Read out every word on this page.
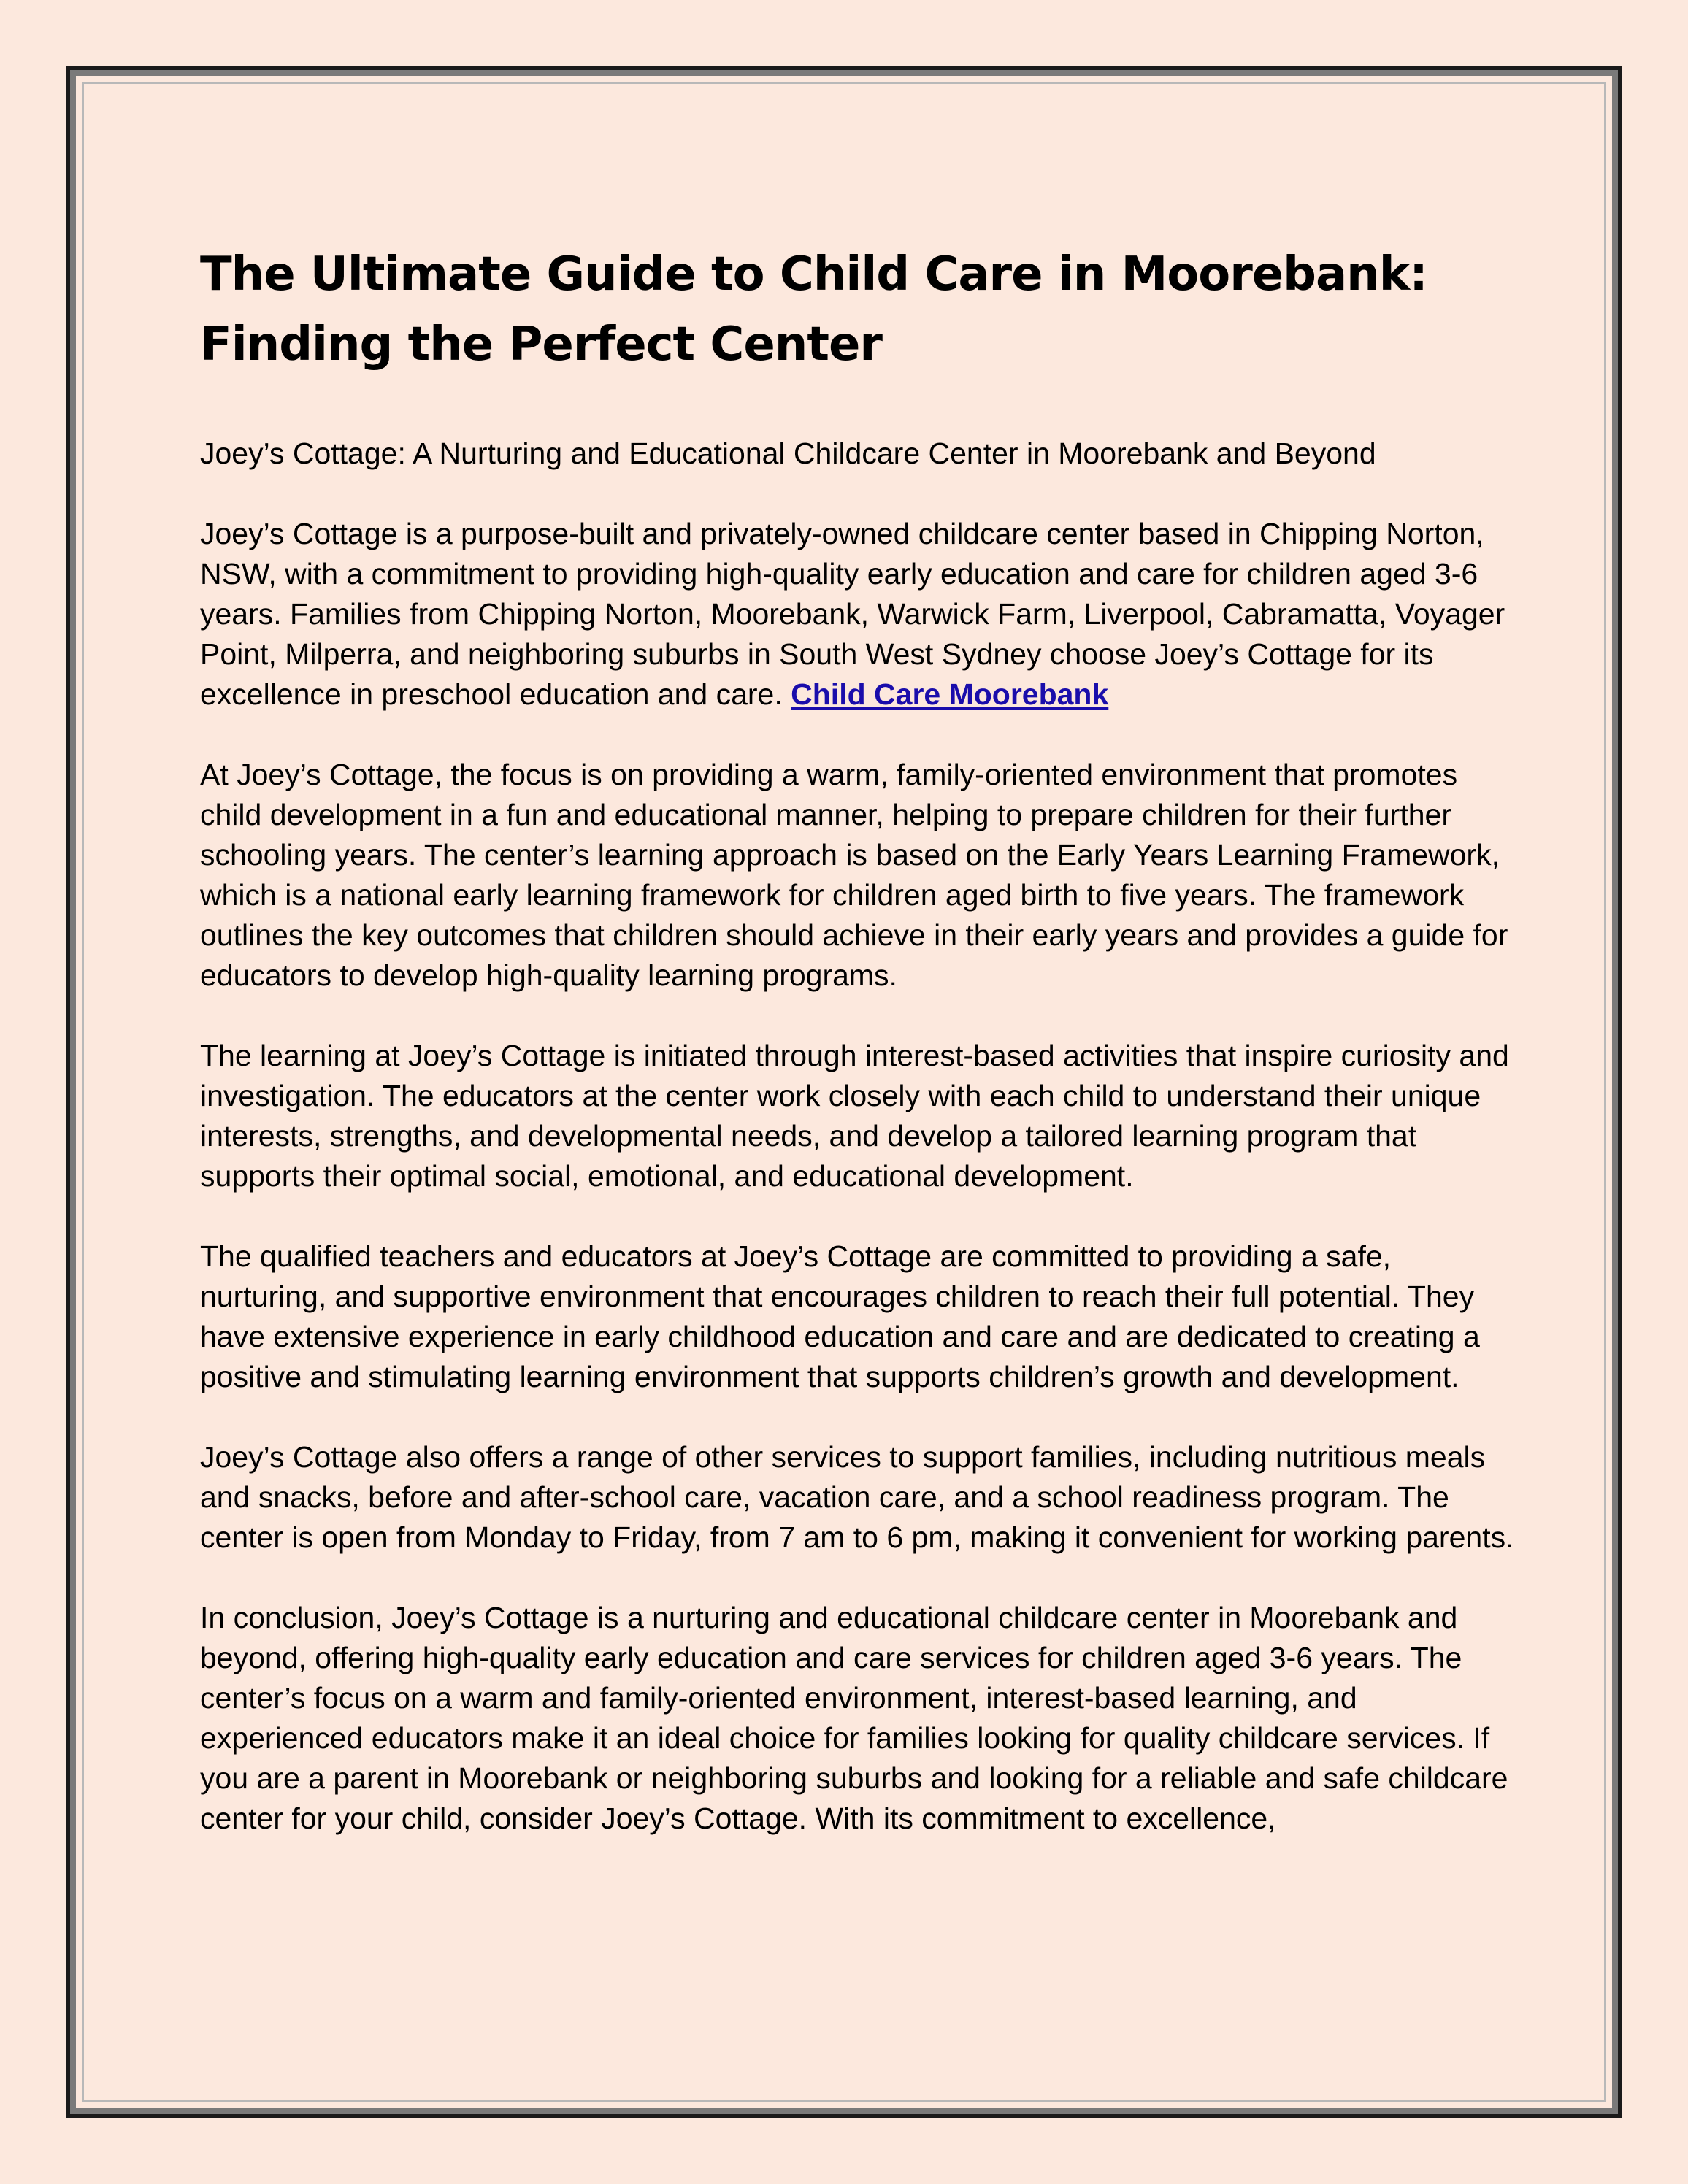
The Ultimate Guide to Child Care in Moorebank: Finding the Perfect Center

Joey’s Cottage: A Nurturing and Educational Childcare Center in Moorebank and Beyond

Joey’s Cottage is a purpose-built and privately-owned childcare center based in Chipping Norton, NSW, with a commitment to providing high-quality early education and care for children aged 3-6 years. Families from Chipping Norton, Moorebank, Warwick Farm, Liverpool, Cabramatta, Voyager Point, Milperra, and neighboring suburbs in South West Sydney choose Joey’s Cottage for its excellence in preschool education and care. Child Care Moorebank

At Joey’s Cottage, the focus is on providing a warm, family-oriented environment that promotes child development in a fun and educational manner, helping to prepare children for their further schooling years. The center’s learning approach is based on the Early Years Learning Framework, which is a national early learning framework for children aged birth to five years. The framework outlines the key outcomes that children should achieve in their early years and provides a guide for educators to develop high-quality learning programs.

The learning at Joey’s Cottage is initiated through interest-based activities that inspire curiosity and investigation. The educators at the center work closely with each child to understand their unique interests, strengths, and developmental needs, and develop a tailored learning program that supports their optimal social, emotional, and educational development.

The qualified teachers and educators at Joey’s Cottage are committed to providing a safe, nurturing, and supportive environment that encourages children to reach their full potential. They have extensive experience in early childhood education and care and are dedicated to creating a positive and stimulating learning environment that supports children’s growth and development.

Joey’s Cottage also offers a range of other services to support families, including nutritious meals and snacks, before and after-school care, vacation care, and a school readiness program. The center is open from Monday to Friday, from 7 am to 6 pm, making it convenient for working parents.

In conclusion, Joey’s Cottage is a nurturing and educational childcare center in Moorebank and beyond, offering high-quality early education and care services for children aged 3-6 years. The center’s focus on a warm and family-oriented environment, interest-based learning, and experienced educators make it an ideal choice for families looking for quality childcare services. If you are a parent in Moorebank or neighboring suburbs and looking for a reliable and safe childcare center for your child, consider Joey’s Cottage. With its commitment to excellence,
